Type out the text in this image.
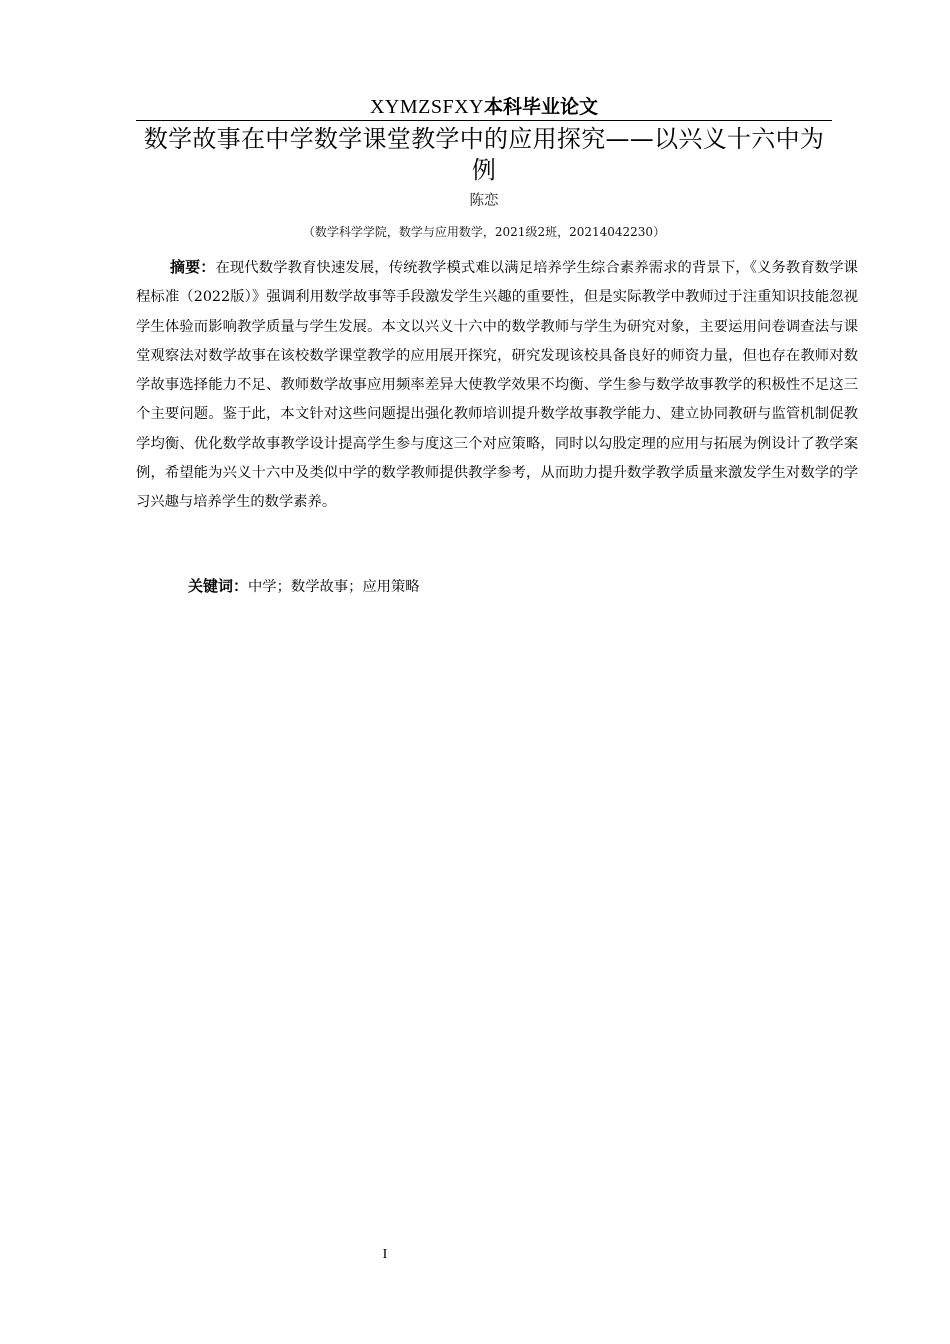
XYMZSFXY本科毕业论文
数学故事在中学数学课堂教学中的应用探究——以兴义十六中为例
陈恋
（数学科学学院，数学与应用数学，2021级2班，20214042230）

摘要：在现代数学教育快速发展，传统教学模式难以满足培养学生综合素养需求的背景下，《义务教育数学课程标准（2022版）》强调利用数学故事等手段激发学生兴趣的重要性，但是实际教学中教师过于注重知识技能忽视学生体验而影响教学质量与学生发展。本文以兴义十六中的数学教师与学生为研究对象，主要运用问卷调查法与课堂观察法对数学故事在该校数学课堂教学的应用展开探究，研究发现该校具备良好的师资力量，但也存在教师对数学故事选择能力不足、教师数学故事应用频率差异大使教学效果不均衡、学生参与数学故事教学的积极性不足这三个主要问题。鉴于此，本文针对这些问题提出强化教师培训提升数学故事教学能力、建立协同教研与监管机制促教学均衡、优化数学故事教学设计提高学生参与度这三个对应策略，同时以勾股定理的应用与拓展为例设计了教学案例，希望能为兴义十六中及类似中学的数学教师提供教学参考，从而助力提升数学教学质量来激发学生对数学的学习兴趣与培养学生的数学素养。

关键词：中学；数学故事；应用策略

I
